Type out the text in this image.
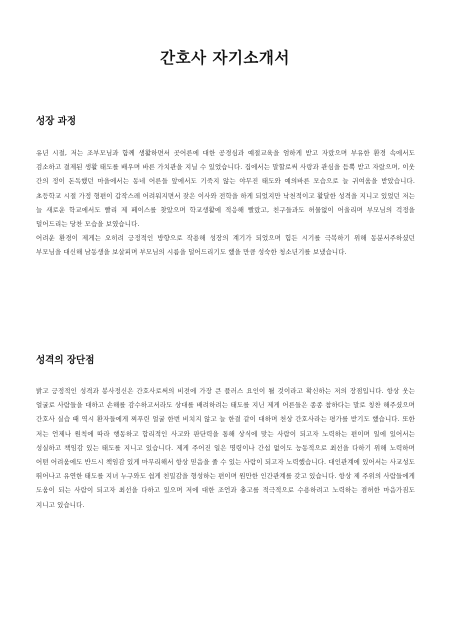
간호사 자기소개서
성장 과정

유년 시절, 저는 조부모님과 함께 생활하면서 곳어른에 대한 공경심과 예절교육을 엄하게 받고 자랐으며 부유한 환경 속에서도 검소하고 결제된 생활 태도를 배우며 바른 가치관을 지닐 수 있었습니다. 집에서는 말할로써 사랑과 관심을 듬뿍 받고 자랐으며, 이웃 간의 정이 돈독했던 마을에서는 동네 어른들 앞에서도 기죽지 않는 야무진 태도와 예의바른 모습으로 늘 귀여움을 받았습니다. 초등학교 시절 가정 형편이 갑작스레 어려워지면서 잦은 이사와 전학을 하게 되었지만 낙천적이고 활달한 성격을 지니고 있었던 저는 늘 새로운 학교에서도 빨리 제 페이스를 찾았으며 학교생활에 적응해 빨랐고, 친구들과도 허물없이 어울리며 부모님의 걱정을 덜어드리는 당찬 모습을 보였습니다.

어려운 환경이 제게는 오히려 긍정적인 방향으로 작용해 성장의 계기가 되었으며 힘든 시기를 극복하기 위해 동분서주하셨던 부모님을 대신해 남동생을 보살피며 부모님의 시름을 덜어드리기도 했을 만큼 성숙한 청소년기를 보냈습니다.

성격의 장단점

밝고 긍정적인 성격과 봉사정신은 간호사로써의 비전에 가장 큰 플러스 요인이 될 것이라고 확신하는 저의 장점입니다. 항상 웃는 얼굴로 사람들을 대하고 손해를 감수하고서라도 상대를 배려하려는 태도를 지닌 제게 어른들은 종종 참하다는 말로 칭찬 해주셨으며 간호사 실습 때 역시 환자들에게 찌푸린 얼굴 한번 비치지 않고 늘 한결 같이 대하며 천상 간호사라는 평가를 받기도 했습니다. 또한 저는 언제나 원칙에 따라 행동하고 합리적인 사고와 판단력을 통해 상식에 맞는 사람이 되고자 노력하는 편이며 일에 있어서는 성실하고 책임감 있는 태도를 지니고 있습니다. 제게 주어진 일은 명령이나 간섭 없이도 능동적으로 최선을 다하기 위해 노력하며 어떤 어려움에도 반드시 책임감 있게 마무리해서 항상 믿음을 줄 수 있는 사람이 되고자 노력했습니다. 대인관계에 있어서는 사교성도 뛰어나고 유연한 태도를 지녀 누구와도 쉽게 친밀감을 형성하는 편이며 원만한 인간관계를 갖고 있습니다. 항상 제 주위의 사람들에게 도움이 되는 사람이 되고자 최선을 다하고 있으며 저에 대한 조언과 충고를 적극적으로 수용하려고 노력하는 겸허한 마음가짐도 지니고 있습니다.
